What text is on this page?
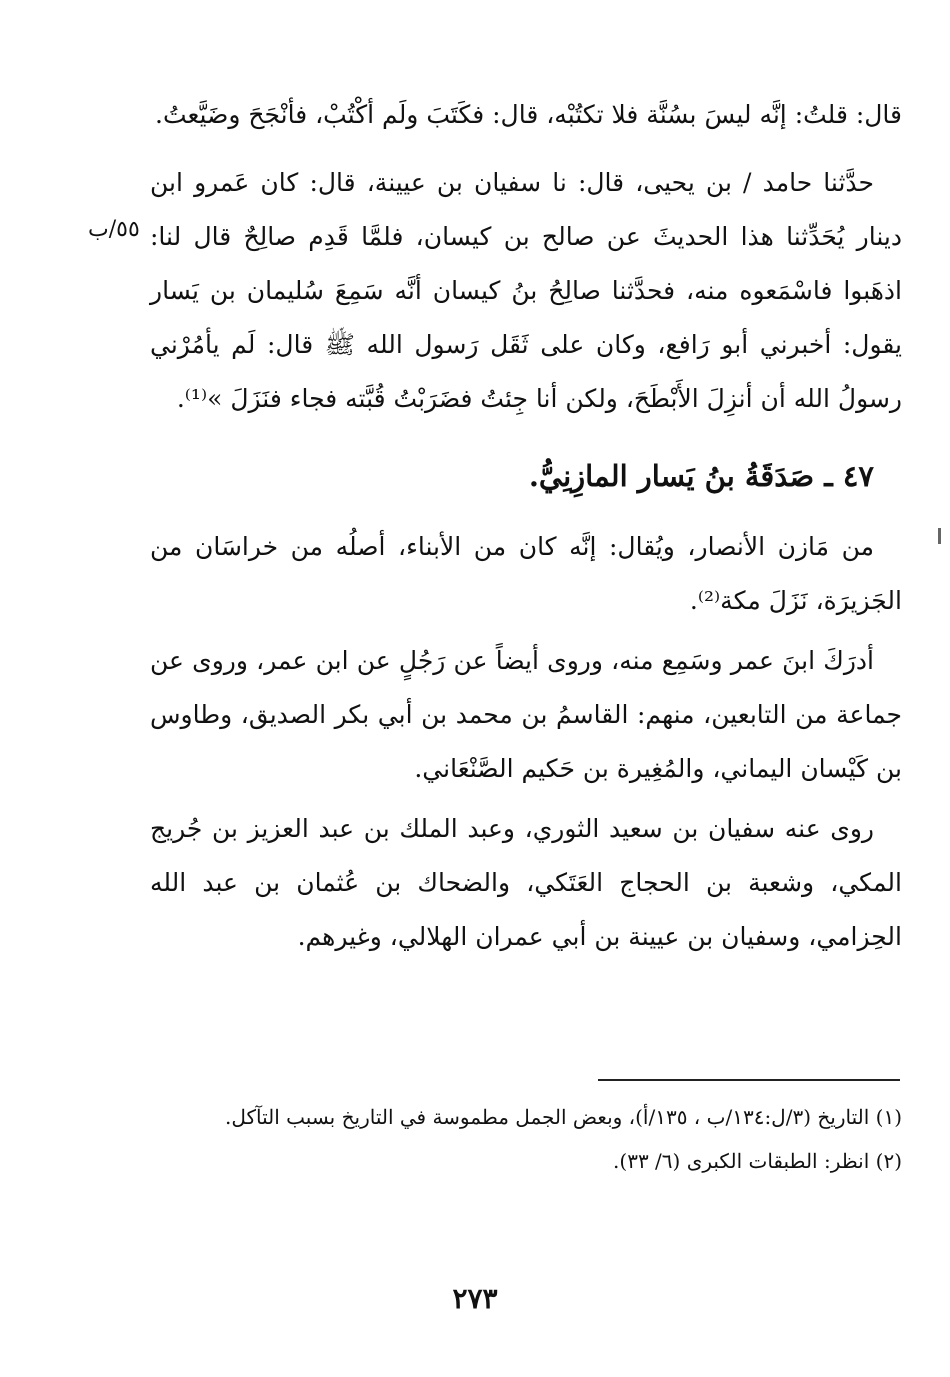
قال: قلتُ: إنَّه ليسَ بسُنَّة فلا تكتُبْه، قال: فكَتَبَ ولَم أكْتُبْ، فأنْجَحَ وضَيَّعتُ.

حدَّثنا حامد / بن يحيى، قال: نا سفيان بن عيينة، قال: كان عَمرو ابن دينار يُحَدِّثنا هذا الحديثَ عن صالح بن كيسان، فلمَّا قَدِم صالِحٌ قال لنا: اذهَبوا فاسْمَعوه منه، فحدَّثنا صالِحُ بنُ كيسان أنَّه سَمِعَ سُليمان بن يَسار يقول: أخبرني أبو رَافع، وكان على ثَقَل رَسول الله ﷺ قال: لَم يأمُرْني رسولُ الله أن أنزِلَ الأَبْطَحَ، ولكن أنا جِئتُ فضَرَبْتُ قُبَّته فجاء فنَزَلَ »⁽¹⁾.

٤٧ ـ صَدَقَةُ بنُ يَسار المازِنِيُّ.

من مَازن الأنصار، ويُقال: إنَّه كان من الأبناء، أصلُه من خراسَان من الجَزيرَة، نَزَلَ مكة⁽²⁾.

أدرَكَ ابنَ عمر وسَمِع منه، وروى أيضاً عن رَجُلٍ عن ابن عمر، وروى عن جماعة من التابعين، منهم: القاسمُ بن محمد بن أبي بكر الصديق، وطاوس بن كَيْسان اليماني، والمُغِيرة بن حَكيم الصَّنْعَاني.

روى عنه سفيان بن سعيد الثوري، وعبد الملك بن عبد العزيز بن جُريج المكي، وشعبة بن الحجاج العَتَكي، والضحاك بن عُثمان بن عبد الله الحِزامي، وسفيان بن عيينة بن أبي عمران الهلالي، وغيرهم.

٥٥/ب

(١) التاريخ (٣/ل:١٣٤/ب ، ١٣٥/أ)، وبعض الجمل مطموسة في التاريخ بسبب التآكل.

(٢) انظر: الطبقات الكبرى (٦/ ٣٣).

٢٧٣
